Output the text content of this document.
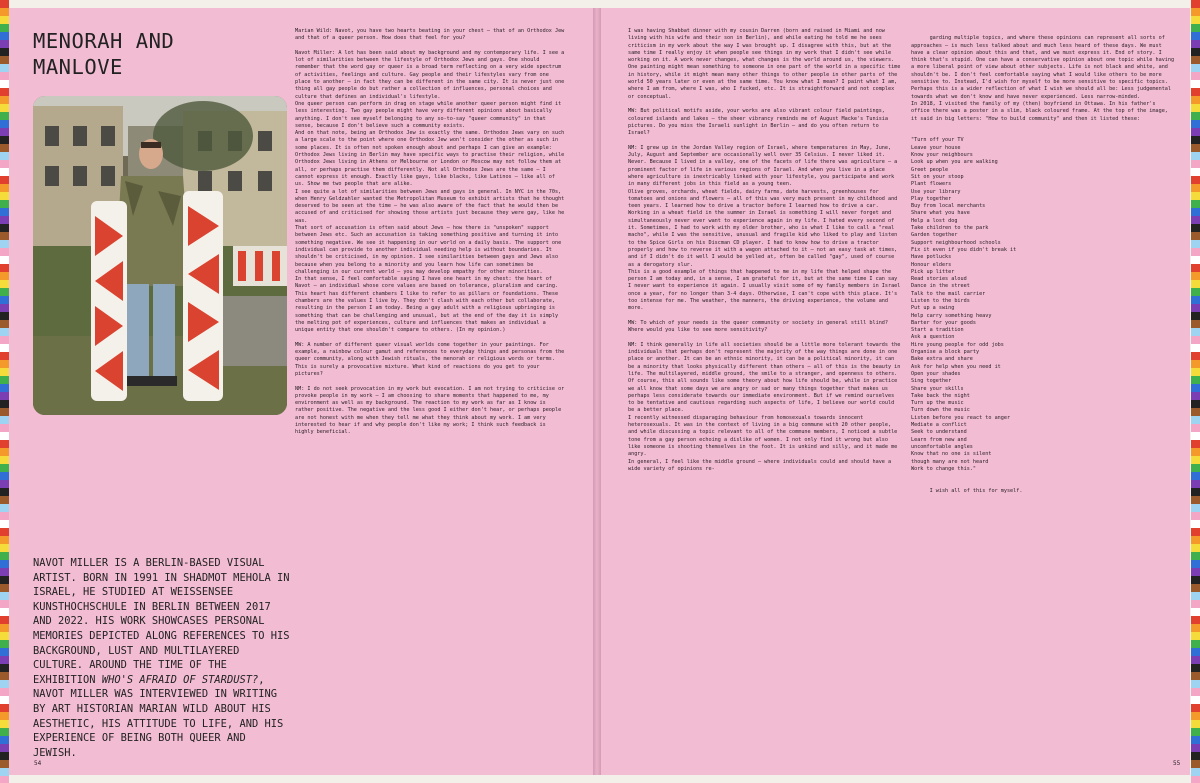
MENORAH AND MANLOVE
NAVOT MILLER IS A BERLIN-BASED VISUAL ARTIST. BORN IN 1991 IN SHADMOT MEHOLA IN ISRAEL, HE STUDIED AT WEISSENSEE KUNSTHOCHSCHULE IN BERLIN BETWEEN 2017 AND 2022. HIS WORK SHOWCASES PERSONAL MEMORIES DEPICTED ALONG REFERENCES TO HIS BACKGROUND, LUST AND MULTILAYERED CULTURE. AROUND THE TIME OF THE EXHIBITION WHO'S AFRAID OF STARDUST?, NAVOT MILLER WAS INTERVIEWED IN WRITING BY ART HISTORIAN MARIAN WILD ABOUT HIS AESTHETIC, HIS ATTITUDE TO LIFE, AND HIS EXPERIENCE OF BEING BOTH QUEER AND JEWISH.
Marian Wild: Navot, you have two hearts beating in your chest – that of an Orthodox Jew and that of a queer person. How does that feel for you?

Navot Miller: A lot has been said about my background and my contemporary life. I see a lot of similarities between the lifestyle of Orthodox Jews and gays. One should remember that the word gay or queer is a broad term reflecting on a very wide spectrum of activities, feelings and culture. Gay people and their lifestyles vary from one place to another – in fact they can be different in the same city. It is never just one thing all gay people do but rather a collection of influences, personal choices and culture that defines an individual's lifestyle.
One queer person can perform in drag on stage while another queer person might find it less interesting. Two gay people might have very different opinions about basically anything. I don't see myself belonging to any so-to-say "queer community" in that sense, because I don't believe such a community exists.
And on that note, being an Orthodox Jew is exactly the same. Orthodox Jews vary on such a large scale to the point where one Orthodox Jew won't consider the other as such in some places. It is often not spoken enough about and perhaps I can give an example: Orthodox Jews living in Berlin may have specific ways to practise their religion, while Orthodox Jews living in Athens or Melbourne or London or Moscow may not follow them at all, or perhaps practise them differently. Not all Orthodox Jews are the same – I cannot express it enough. Exactly like gays, like blacks, like Latinos – like all of us. Show me two people that are alike.
I see quite a lot of similarities between Jews and gays in general. In NYC in the 70s, when Henry Geldzahler wanted the Metropolitan Museum to exhibit artists that he thought deserved to be seen at the time – he was also aware of the fact that he would then be accused of and criticised for showing those artists just because they were gay, like he was.
That sort of accusation is often said about Jews – how there is "unspoken" support between Jews etc. Such an accusation is taking something positive and turning it into something negative. We see it happening in our world on a daily basis. The support one individual can provide to another individual needing help is without boundaries. It shouldn't be criticised, in my opinion. I see similarities between gays and Jews also because when you belong to a minority and you learn how life can sometimes be challenging in our current world – you may develop empathy for other minorities.
In that sense, I feel comfortable saying I have one heart in my chest: the heart of Navot – an individual whose core values are based on tolerance, pluralism and caring. This heart has different chambers I like to refer to as pillars or foundations. These chambers are the values I live by. They don't clash with each other but collaborate, resulting in the person I am today. Being a gay adult with a religious upbringing is something that can be challenging and unusual, but at the end of the day it is simply the melting pot of experiences, culture and influences that makes an individual a unique entity that one shouldn't compare to others. (In my opinion.)

MW: A number of different queer visual worlds come together in your paintings. For example, a rainbow colour gamut and references to everyday things and personas from the queer community, along with Jewish rituals, the menorah or religious words or terms. This is surely a provocative mixture. What kind of reactions do you get to your pictures?

NM: I do not seek provocation in my work but evocation. I am not trying to criticise or provoke people in my work – I am choosing to share moments that happened to me, my environment as well as my background. The reaction to my work as far as I know is rather positive. The negative and the less good I either don't hear, or perhaps people are not honest with me when they tell me what they think about my work. I am very interested to hear if and why people don't like my work; I think such feedback is highly beneficial.
54
I was having Shabbat dinner with my cousin Darren (born and raised in Miami and now living with his wife and their son in Berlin), and while eating he told me he sees criticism in my work about the way I was brought up. I disagree with this, but at the same time I really enjoy it when people see things in my work that I didn't see while working on it. A work never changes, what changes is the world around us, the viewers.
One painting might mean something to someone in one part of the world in a specific time in history, while it might mean many other things to other people in other parts of the world 50 years later or even at the same time. You know what I mean? I paint what I am, where I am from, where I was, who I fucked, etc. It is straightforward and not complex or conceptual.

MW: But political motifs aside, your works are also vibrant colour field paintings, coloured islands and lakes – the sheer vibrancy reminds me of August Macke's Tunisia pictures. Do you miss the Israeli sunlight in Berlin – and do you often return to Israel?

NM: I grew up in the Jordan Valley region of Israel, where temperatures in May, June, July, August and September are occasionally well over 35 Celsius. I never liked it. Never. Because I lived in a valley, one of the facets of life there was agriculture – a prominent factor of life in various regions of Israel. And when you live in a place where agriculture is inextricably linked with your lifestyle, you participate and work in many different jobs in this field as a young teen.
Olive groves, orchards, wheat fields, dairy farms, date harvests, greenhouses for tomatoes and onions and flowers – all of this was very much present in my childhood and teen years. I learned how to drive a tractor before I learned how to drive a car. Working in a wheat field in the summer in Israel is something I will never forget and simultaneously never ever want to experience again in my life. I hated every second of it. Sometimes, I had to work with my older brother, who is what I like to call a "real macho", while I was the sensitive, unusual and fragile kid who liked to play and listen to the Spice Girls on his Discman CD player. I had to know how to drive a tractor properly and how to reverse it with a wagon attached to it – not an easy task at times, and if I didn't do it well I would be yelled at, often be called "gay", used of course as a derogatory slur.
This is a good example of things that happened to me in my life that helped shape the person I am today and, in a sense, I am grateful for it, but at the same time I can say I never want to experience it again. I usually visit some of my family members in Israel once a year, for no longer than 3-4 days. Otherwise, I can't cope with this place. It's too intense for me. The weather, the manners, the driving experience, the volume and more.

MW: To which of your needs is the queer community or society in general still blind? Where would you like to see more sensitivity?

NM: I think generally in life all societies should be a little more tolerant towards the individuals that perhaps don't represent the majority of the way things are done in one place or another. It can be an ethnic minority, it can be a political minority, it can be a minority that looks physically different than others – all of this is the beauty in life. The multilayered, middle ground, the smile to a stranger, and openness to others.
Of course, this all sounds like some theory about how life should be, while in practice we all know that some days we are angry or sad or many things together that makes us perhaps less considerate towards our immediate environment. But if we remind ourselves to be tentative and cautious regarding such aspects of life, I believe our world could be a better place.
I recently witnessed disparaging behaviour from homosexuals towards innocent heterosexuals. It was in the context of living in a big commune with 20 other people, and while discussing a topic relevant to all of the commune members, I noticed a subtle tone from a gay person echoing a dislike of women. I not only find it wrong but also like someone is shooting themselves in the foot. It is unkind and silly, and it made me angry.
In general, I feel like the middle ground – where individuals could and should have a wide variety of opinions re-

garding multiple topics, and where these opinions can represent all sorts of approaches – is much less talked about and much less heard of these days. We must have a clear opinion about this and that, and we must express it. End of story. I think that's stupid. One can have a conservative opinion about one topic while having a more liberal point of view about other subjects. Life is not black and white, and shouldn't be. I don't feel comfortable saying what I would like others to be more sensitive to. Instead, I'd wish for myself to be more sensitive to specific topics. Perhaps this is a wider reflection of what I wish we should all be: Less judgemental towards what we don't know and have never experienced. Less narrow-minded.
In 2018, I visited the family of my (then) boyfriend in Ottawa. In his father's office there was a poster in a slim, black coloured frame. At the top of the image, it said in big letters: "How to build community" and then it listed these:

"Turn off your TV
Leave your house
Know your neighbours
Look up when you are walking
Greet people
Sit on your stoop
Plant flowers
Use your library
Play together
Buy from local merchants
Share what you have
Help a lost dog
Take children to the park
Garden together
Support neighbourhood schools
Fix it even if you didn't break it
Have potlucks
Honour elders
Pick up litter
Read stories aloud
Dance in the street
Talk to the mail carrier
Listen to the birds
Put up a swing
Help carry something heavy
Barter for your goods
Start a tradition
Ask a question
Hire young people for odd jobs
Organise a block party
Bake extra and share
Ask for help when you need it
Open your shades
Sing together
Share your skills
Take back the night
Turn up the music
Turn down the music
Listen before you react to anger
Mediate a conflict
Seek to understand
Learn from new and
uncomfortable angles
Know that no one is silent
though many are not heard
Work to change this."

I wish all of this for myself.

55
